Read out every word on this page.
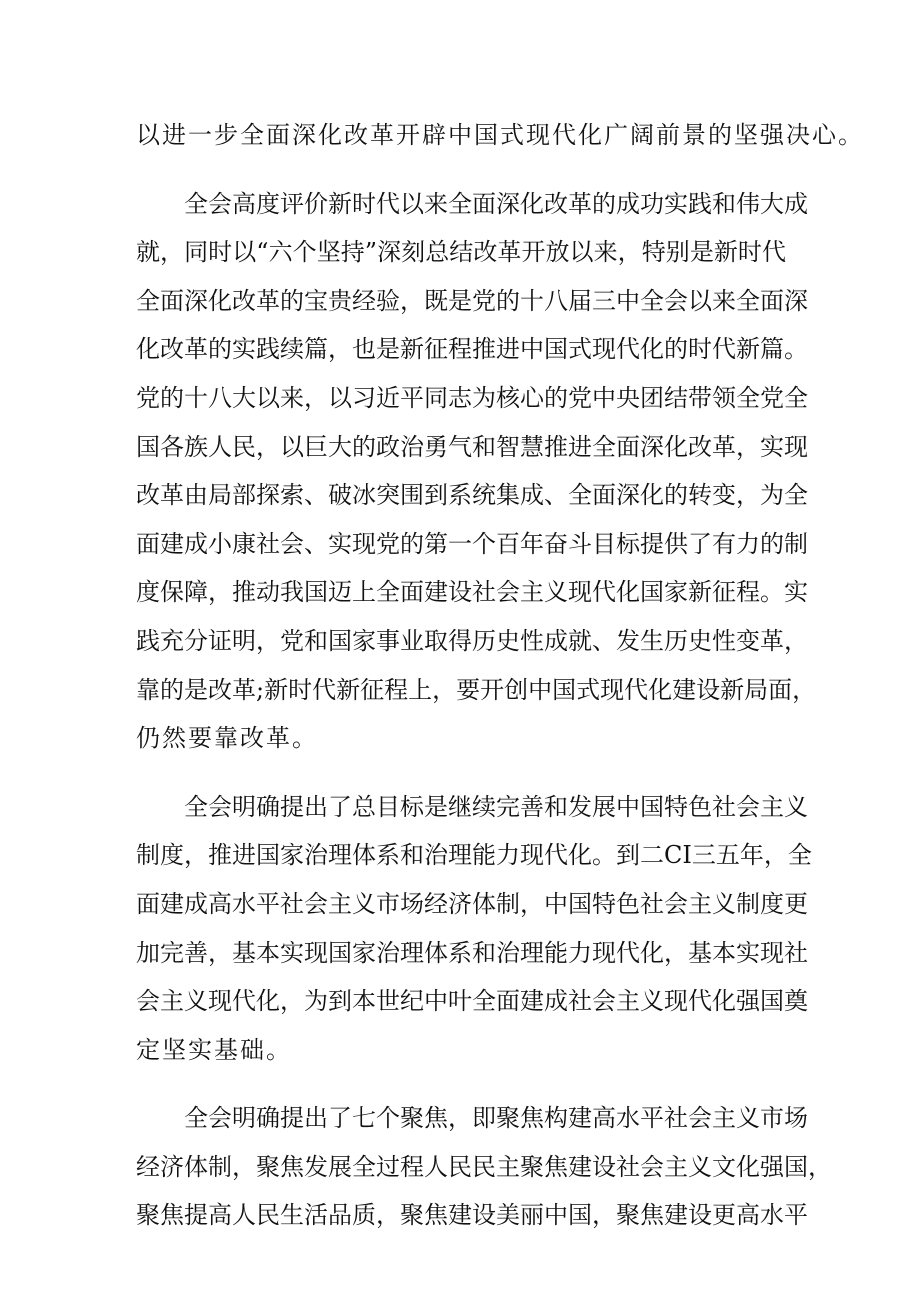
以进一步全面深化改革开辟中国式现代化广阔前景的坚强决心。
全会高度评价新时代以来全面深化改革的成功实践和伟大成
就，同时以“六个坚持”深刻总结改革开放以来，特别是新时代
全面深化改革的宝贵经验，既是党的十八届三中全会以来全面深
化改革的实践续篇，也是新征程推进中国式现代化的时代新篇。
党的十八大以来，以习近平同志为核心的党中央团结带领全党全
国各族人民，以巨大的政治勇气和智慧推进全面深化改革，实现
改革由局部探索、破冰突围到系统集成、全面深化的转变，为全
面建成小康社会、实现党的第一个百年奋斗目标提供了有力的制
度保障，推动我国迈上全面建设社会主义现代化国家新征程。实
践充分证明，党和国家事业取得历史性成就、发生历史性变革，
靠的是改革;新时代新征程上，要开创中国式现代化建设新局面，
仍然要靠改革。
全会明确提出了总目标是继续完善和发展中国特色社会主义
制度，推进国家治理体系和治理能力现代化。到二CI三五年，全
面建成高水平社会主义市场经济体制，中国特色社会主义制度更
加完善，基本实现国家治理体系和治理能力现代化，基本实现社
会主义现代化，为到本世纪中叶全面建成社会主义现代化强国奠
定坚实基础。
全会明确提出了七个聚焦，即聚焦构建高水平社会主义市场
经济体制，聚焦发展全过程人民民主聚焦建设社会主义文化强国，
聚焦提高人民生活品质，聚焦建设美丽中国，聚焦建设更高水平
